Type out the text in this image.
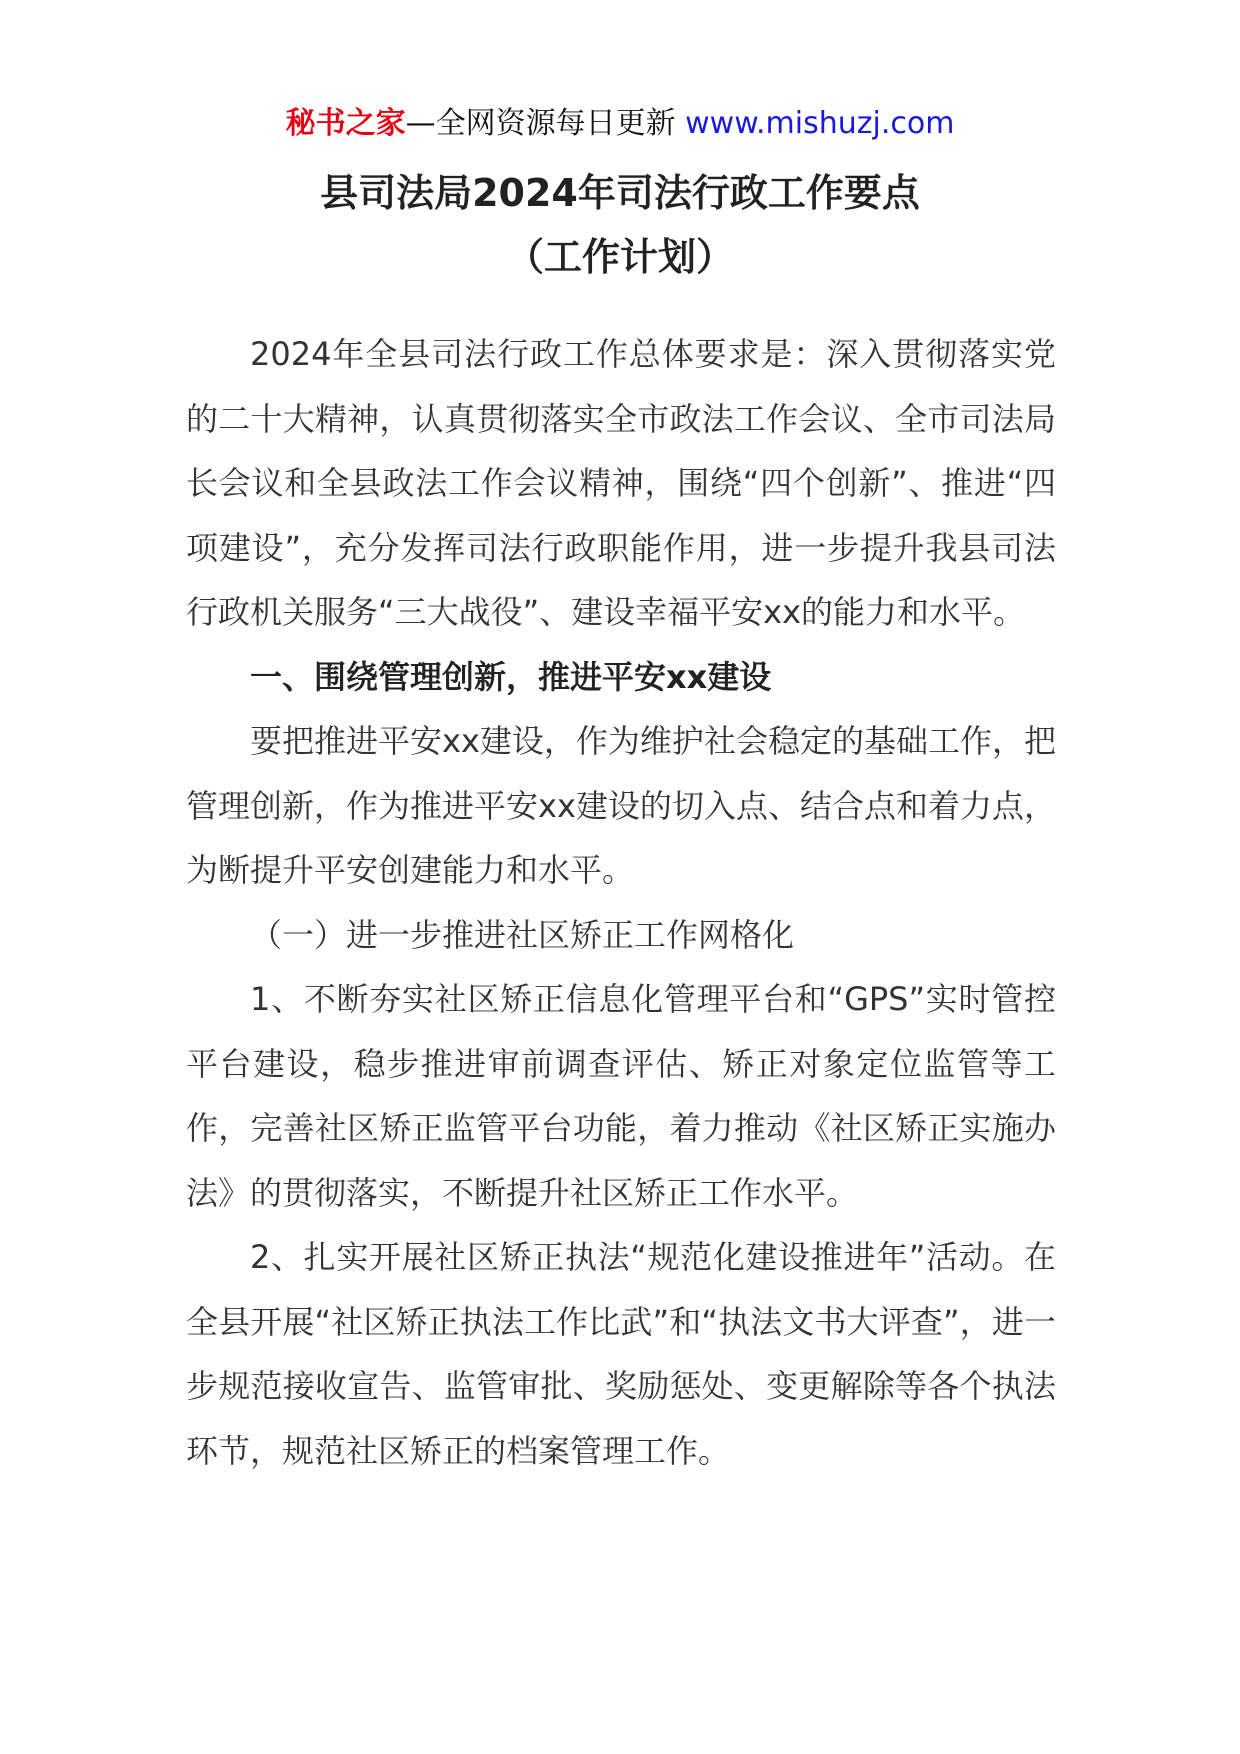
秘书之家—全网资源每日更新 www.mishuzj.com
县司法局2024年司法行政工作要点
（工作计划）

2024年全县司法行政工作总体要求是：深入贯彻落实党的二十大精神，认真贯彻落实全市政法工作会议、全市司法局长会议和全县政法工作会议精神，围绕“四个创新”、推进“四项建设”，充分发挥司法行政职能作用，进一步提升我县司法行政机关服务“三大战役”、建设幸福平安xx的能力和水平。

一、围绕管理创新，推进平安xx建设

要把推进平安xx建设，作为维护社会稳定的基础工作，把管理创新，作为推进平安xx建设的切入点、结合点和着力点，为断提升平安创建能力和水平。

（一）进一步推进社区矫正工作网格化

1、不断夯实社区矫正信息化管理平台和“GPS”实时管控平台建设，稳步推进审前调查评估、矫正对象定位监管等工作，完善社区矫正监管平台功能，着力推动《社区矫正实施办法》的贯彻落实，不断提升社区矫正工作水平。

2、扎实开展社区矫正执法“规范化建设推进年”活动。在全县开展“社区矫正执法工作比武”和“执法文书大评查”，进一步规范接收宣告、监管审批、奖励惩处、变更解除等各个执法环节，规范社区矫正的档案管理工作。
